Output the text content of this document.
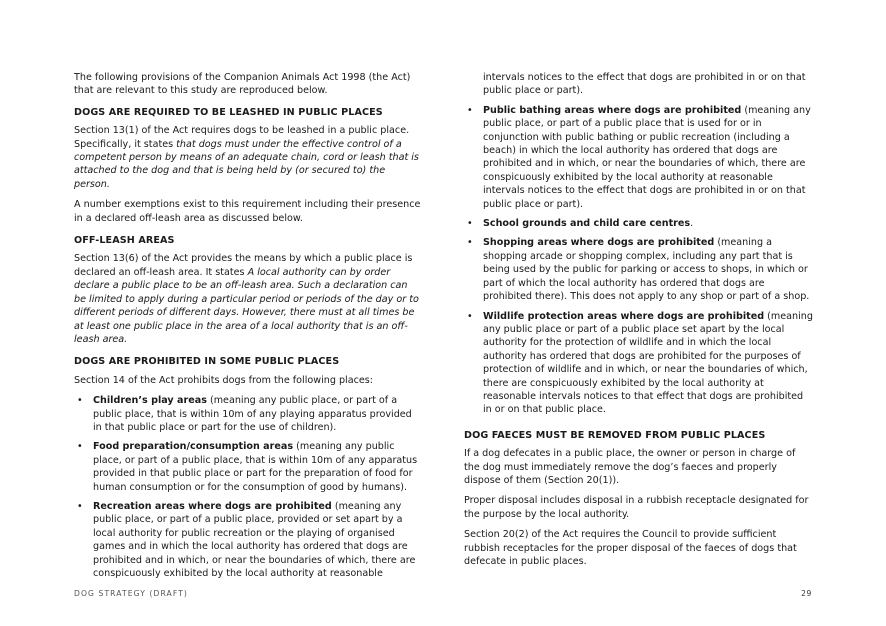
The following provisions of the Companion Animals Act 1998 (the Act) that are relevant to this study are reproduced below.

DOGS ARE REQUIRED TO BE LEASHED IN PUBLIC PLACES

Section 13(1) of the Act requires dogs to be leashed in a public place. Specifically, it states that dogs must under the effective control of a competent person by means of an adequate chain, cord or leash that is attached to the dog and that is being held by (or secured to) the person.

A number exemptions exist to this requirement including their presence in a declared off-leash area as discussed below.

OFF-LEASH AREAS

Section 13(6) of the Act provides the means by which a public place is declared an off-leash area. It states A local authority can by order declare a public place to be an off-leash area. Such a declaration can be limited to apply during a particular period or periods of the day or to different periods of different days. However, there must at all times be at least one public place in the area of a local authority that is an off-leash area.

DOGS ARE PROHIBITED IN SOME PUBLIC PLACES

Section 14 of the Act prohibits dogs from the following places:

• Children’s play areas (meaning any public place, or part of a public place, that is within 10m of any playing apparatus provided in that public place or part for the use of children).
• Food preparation/consumption areas (meaning any public place, or part of a public place, that is within 10m of any apparatus provided in that public place or part for the preparation of food for human consumption or for the consumption of good by humans).
• Recreation areas where dogs are prohibited (meaning any public place, or part of a public place, provided or set apart by a local authority for public recreation or the playing of organised games and in which the local authority has ordered that dogs are prohibited and in which, or near the boundaries of which, there are conspicuously exhibited by the local authority at reasonable

intervals notices to the effect that dogs are prohibited in or on that public place or part).

• Public bathing areas where dogs are prohibited (meaning any public place, or part of a public place that is used for or in conjunction with public bathing or public recreation (including a beach) in which the local authority has ordered that dogs are prohibited and in which, or near the boundaries of which, there are conspicuously exhibited by the local authority at reasonable intervals notices to the effect that dogs are prohibited in or on that public place or part).
• School grounds and child care centres.
• Shopping areas where dogs are prohibited (meaning a shopping arcade or shopping complex, including any part that is being used by the public for parking or access to shops, in which or part of which the local authority has ordered that dogs are prohibited there). This does not apply to any shop or part of a shop.
• Wildlife protection areas where dogs are prohibited (meaning any public place or part of a public place set apart by the local authority for the protection of wildlife and in which the local authority has ordered that dogs are prohibited for the purposes of protection of wildlife and in which, or near the boundaries of which, there are conspicuously exhibited by the local authority at reasonable intervals notices to that effect that dogs are prohibited in or on that public place.
DOG FAECES MUST BE REMOVED FROM PUBLIC PLACES

If a dog defecates in a public place, the owner or person in charge of the dog must immediately remove the dog’s faeces and properly dispose of them (Section 20(1)).

Proper disposal includes disposal in a rubbish receptacle designated for the purpose by the local authority.

Section 20(2) of the Act requires the Council to provide sufficient rubbish receptacles for the proper disposal of the faeces of dogs that defecate in public places.

DOG STRATEGY (DRAFT)	29
